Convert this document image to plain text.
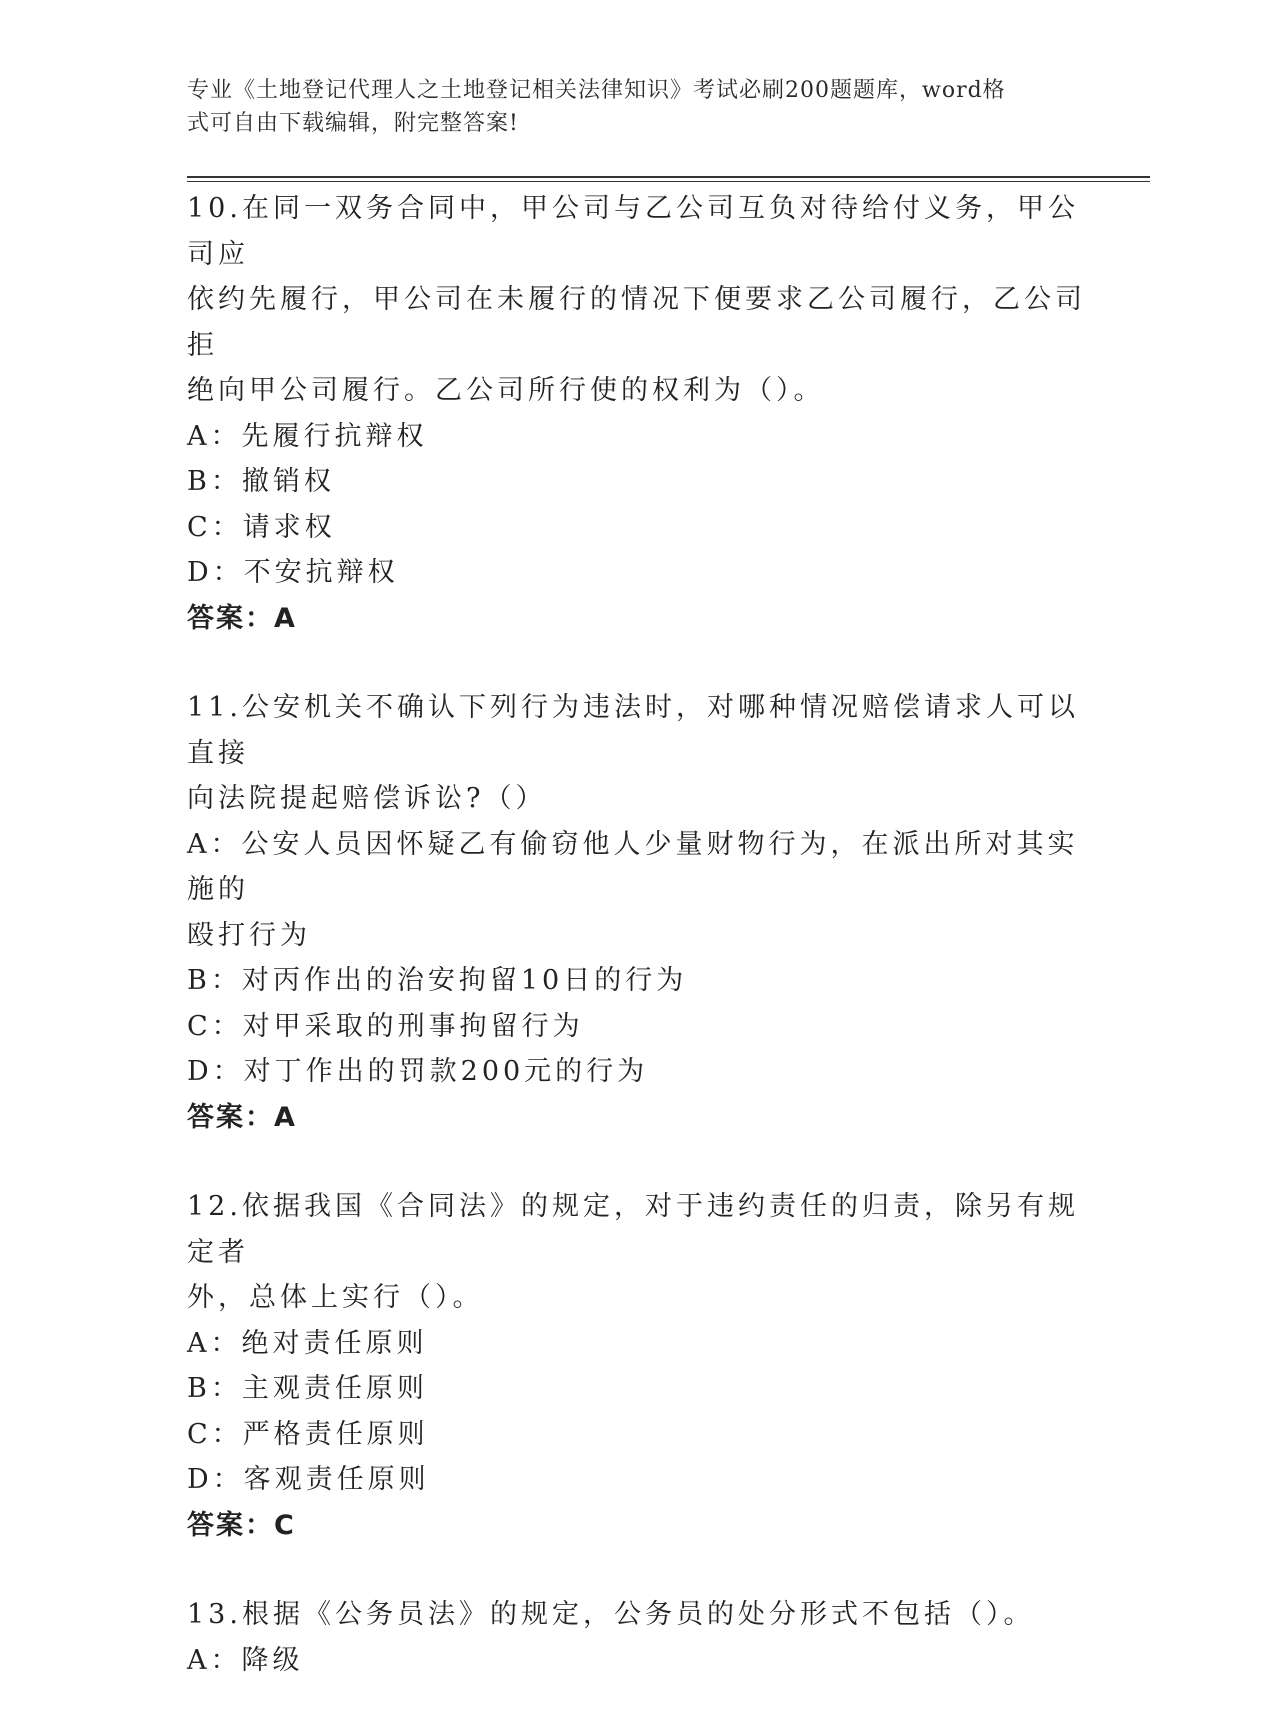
专业《土地登记代理人之土地登记相关法律知识》考试必刷200题题库，word格
式可自由下载编辑，附完整答案!
10.在同一双务合同中，甲公司与乙公司互负对待给付义务，甲公司应
依约先履行，甲公司在未履行的情况下便要求乙公司履行，乙公司拒
绝向甲公司履行。乙公司所行使的权利为（）。
A：先履行抗辩权
B：撤销权
C：请求权
D：不安抗辩权
答案：A
11.公安机关不确认下列行为违法时，对哪种情况赔偿请求人可以直接
向法院提起赔偿诉讼?（）
A：公安人员因怀疑乙有偷窃他人少量财物行为，在派出所对其实施的
殴打行为
B：对丙作出的治安拘留10日的行为
C：对甲采取的刑事拘留行为
D：对丁作出的罚款200元的行为
答案：A
12.依据我国《合同法》的规定，对于违约责任的归责，除另有规定者
外，总体上实行（）。
A：绝对责任原则
B：主观责任原则
C：严格责任原则
D：客观责任原则
答案：C
13.根据《公务员法》的规定，公务员的处分形式不包括（）。
A：降级
